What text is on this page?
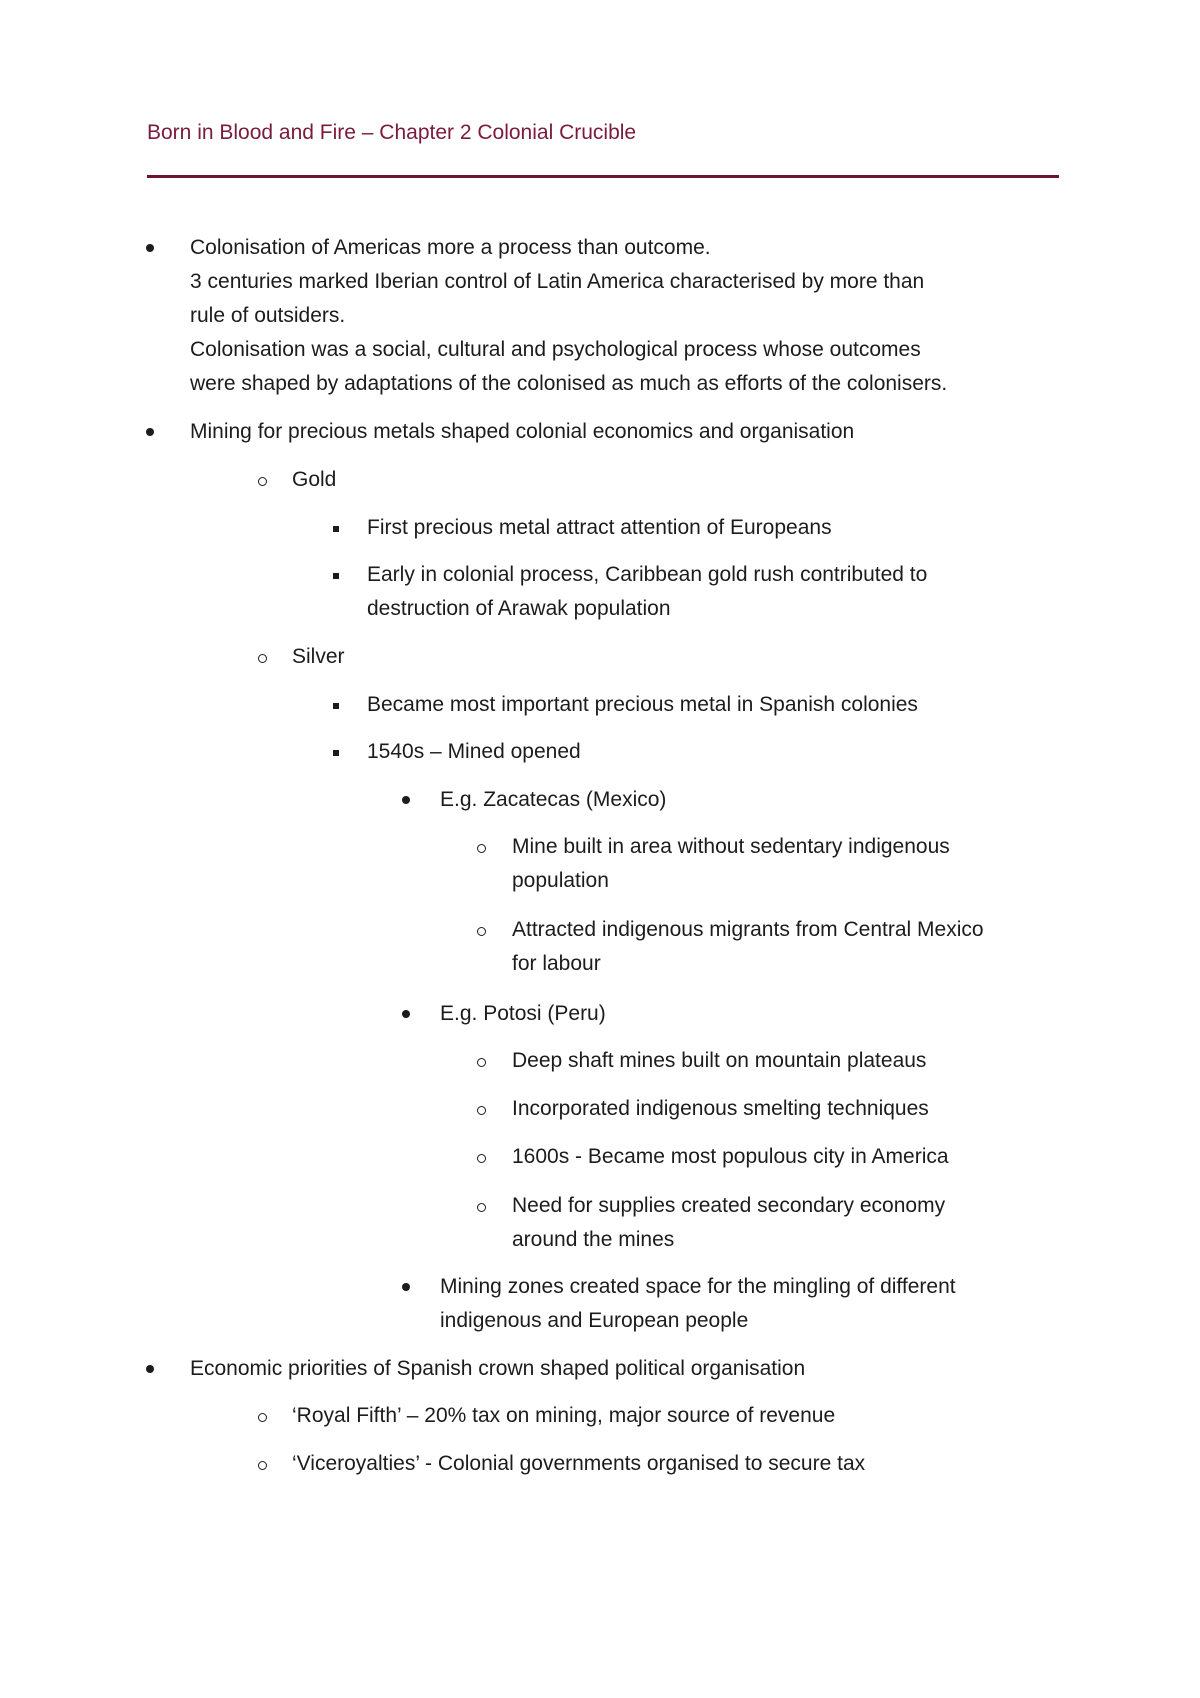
Born in Blood and Fire – Chapter 2 Colonial Crucible
Colonisation of Americas more a process than outcome.
3 centuries marked Iberian control of Latin America characterised by more than
rule of outsiders.
Colonisation was a social, cultural and psychological process whose outcomes
were shaped by adaptations of the colonised as much as efforts of the colonisers.
Mining for precious metals shaped colonial economics and organisation
Gold
First precious metal attract attention of Europeans
Early in colonial process, Caribbean gold rush contributed to
destruction of Arawak population
Silver
Became most important precious metal in Spanish colonies
1540s – Mined opened
E.g. Zacatecas (Mexico)
Mine built in area without sedentary indigenous
population
Attracted indigenous migrants from Central Mexico
for labour
E.g. Potosi (Peru)
Deep shaft mines built on mountain plateaus
Incorporated indigenous smelting techniques
1600s - Became most populous city in America
Need for supplies created secondary economy
around the mines
Mining zones created space for the mingling of different
indigenous and European people
Economic priorities of Spanish crown shaped political organisation
‘Royal Fifth’ – 20% tax on mining, major source of revenue
‘Viceroyalties’ - Colonial governments organised to secure tax
